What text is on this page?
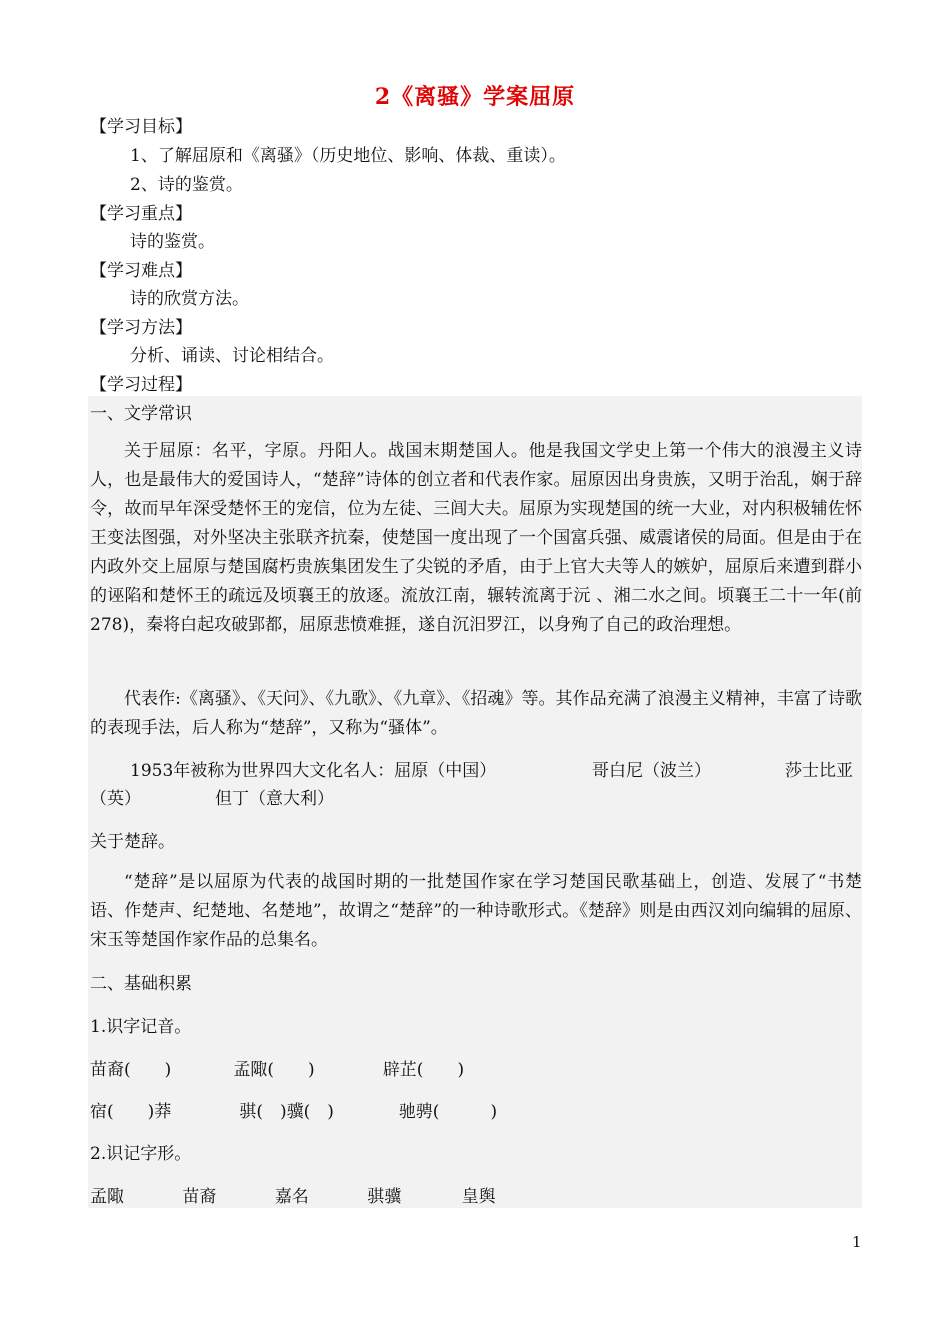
2《离骚》学案屈原
【学习目标】
1、了解屈原和《离骚》（历史地位、影响、体裁、重读）。
2、诗的鉴赏。
【学习重点】
诗的鉴赏。
【学习难点】
诗的欣赏方法。
【学习方法】
分析、诵读、讨论相结合。
【学习过程】
一、文学常识

关于屈原：名平，字原。丹阳人。战国末期楚国人。他是我国文学史上第一个伟大的浪漫主义诗人，也是最伟大的爱国诗人，“楚辞”诗体的创立者和代表作家。屈原因出身贵族，又明于治乱，娴于辞令，故而早年深受楚怀王的宠信，位为左徒、三闾大夫。屈原为实现楚国的统一大业，对内积极辅佐怀王变法图强，对外坚决主张联齐抗秦，使楚国一度出现了一个国富兵强、威震诸侯的局面。但是由于在内政外交上屈原与楚国腐朽贵族集团发生了尖锐的矛盾，由于上官大夫等人的嫉妒，屈原后来遭到群小的诬陷和楚怀王的疏远及顷襄王的放逐。流放江南，辗转流离于沅 、湘二水之间。顷襄王二十一年(前278)，秦将白起攻破郢都，屈原悲愤难捱，遂自沉汨罗江，以身殉了自己的政治理想。

代表作:《离骚》、《天问》、《九歌》、《九章》、《招魂》等。其作品充满了浪漫主义精神，丰富了诗歌的表现手法，后人称为“楚辞”，又称为“骚体”。

1953年被称为世界四大文化名人：屈原（中国）	哥白尼（波兰）	莎士比亚
（英）	但丁（意大利）
关于楚辞。

“楚辞”是以屈原为代表的战国时期的一批楚国作家在学习楚国民歌基础上，创造、发展了“书楚语、作楚声、纪楚地、名楚地”，故谓之“楚辞”的一种诗歌形式。《楚辞》则是由西汉刘向编辑的屈原、宋玉等楚国作家作品的总集名。

二、基础积累
1.识字记音。
苗裔(　　)	孟陬(　　)	辟芷(　　)
宿(　　)莽	骐(　)骥(　)	驰骋(　　　)
2.识记字形。
孟陬	苗裔	嘉名	骐骥	皇舆
1
